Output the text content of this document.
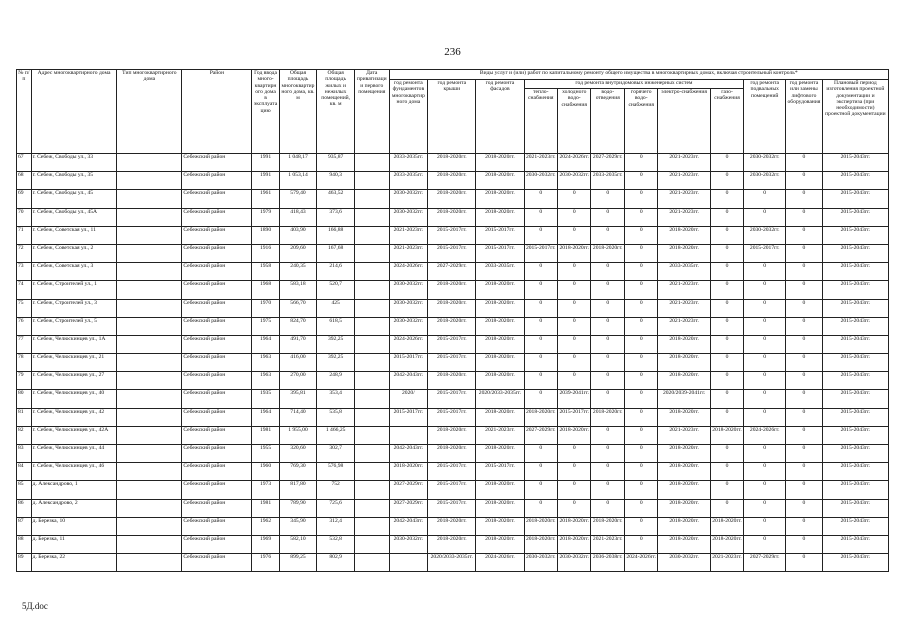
236
№ п/п	Адрес многоквартирного дома	Тип многоквартирного дома	Район	Год ввода много-квартирного дома в эксплуатацию	Общая площадь многоквартирного дома, кв. м	Общая площадь жилых и нежилых помещений, кв. м	Дата приватизации первого помещения	Виды услуг и (или) работ по капитальному ремонту общего имущества в многоквартирных домах, включая строительный контроль*											
								год ремонта фундаментов многоквартирного дома	год ремонта крыши	год ремонта фасадов	год ремонта внутридомовых инженерных систем						год ремонта подвальных помещений	год ремонта или замены лифтового оборудования	Плановый период изготовления проектной документации и экспертиза (при необходимости) проектной документации
											тепло-снабжения	холодного водо-снабжения	водо-отведения	горячего водо-снабжения	электро-снабжения	газо-снабжения			
67	г. Себеж, Свободы ул., 33		Себежский район	1991	1 048,17	935,87		2033-2035гг.	2018-2020гг.	2018-2020гг.	2021-2023гг.	2024-2026гг.	2027-2029гг.	0	2021-2023гг.	0	2030-2032гг.	0	2015-2043гг.
68	г. Себеж, Свободы ул., 35		Себежский район	1991	1 053,14	940,3		2033-2035гг.	2018-2020гг.	2018-2020гг.	2030-2032гг.	2030-2032гг.	2033-2035гг.	0	2021-2023гг.	0	2030-2032гг.	0	2015-2043гг.
69	г. Себеж, Свободы ул., 45		Себежский район	1961	579,40	463,52		2030-2032гг.	2018-2020гг.	2018-2020гг.	0	0	0	0	2021-2023гг.	0	0	0	2015-2043гг.
70	г. Себеж, Свободы ул., 45А		Себежский район	1979	418,43	373,6		2030-2032гг.	2018-2020гг.	2018-2020гг.	0	0	0	0	2021-2023гг.	0	0	0	2015-2043гг.
71	г. Себеж, Советская ул., 11		Себежский район	1890	403,90	166,88		2021-2023гг.	2015-2017гг.	2015-2017гг.	0	0	0	0	2018-2020гг.	0	2030-2032гг.	0	2015-2043гг.
72	г. Себеж, Советская ул., 2		Себежский район	1916	209,60	167,68		2021-2023гг.	2015-2017гг.	2015-2017гг.	2015-2017гг.	2018-2020гг.	2018-2020гг.	0	2018-2020гг.	0	2015-2017гг.	0	2015-2043гг.
73	г. Себеж, Советская ул., 3		Себежский район	1958	240,35	214,6		2024-2026гг.	2027-2029гг.	2033-2035гг.	0	0	0	0	2033-2035гг.	0	0	0	2015-2043гг.
74	г. Себеж, Строителей ул., 1		Себежский район	1968	583,18	520,7		2030-2032гг.	2018-2020гг.	2018-2020гг.	0	0	0	0	2021-2023гг.	0	0	0	2015-2043гг.
75	г. Себеж, Строителей ул., 3		Себежский район	1970	566,70	425		2030-2032гг.	2018-2020гг.	2018-2020гг.	0	0	0	0	2021-2023гг.	0	0	0	2015-2043гг.
76	г. Себеж, Строителей ул., 5		Себежский район	1975	824,70	618,5		2030-2032гг.	2018-2020гг.	2018-2020гг.	0	0	0	0	2021-2023гг.	0	0	0	2015-2043гг.
77	г. Себеж, Челюскинцев ул., 1А		Себежский район	1964	491,70	392,25		2024-2026гг.	2015-2017гг.	2018-2020гг.	0	0	0	0	2018-2020гг.	0	0	0	2015-2043гг.
78	г. Себеж, Челюскинцев ул., 21		Себежский район	1963	416,00	392,25		2015-2017гг.	2015-2017гг.	2018-2020гг.	0	0	0	0	2018-2020гг.	0	0	0	2015-2043гг.
79	г. Себеж, Челюскинцев ул., 27		Себежский район	1963	270,00	248,9		2042-2043гг.	2018-2020гг.	2018-2020гг.	0	0	0	0	2018-2020гг.	0	0	0	2015-2043гг.
80	г. Себеж, Челюскинцев ул., 40		Себежский район	1935	395,81	353,4		2020/	2015-2017гг.	2020/2033-2035гг.	0	2039-2041гг.	0	0	2020/2039-2041гг.	0	0	0	2015-2043гг.
81	г. Себеж, Челюскинцев ул., 42		Себежский район	1964	714,40	535,8		2015-2017гг.	2015-2017гг.	2018-2020гг.	2018-2020гг.	2015-2017гг.	2018-2020гг.	0	2018-2020гг.	0	0	0	2015-2043гг.
82	г. Себеж, Челюскинцев ул., 42А		Себежский район	1981	1 955,00	1 466,25			2018-2020гг.	2021-2023гг.	2027-2029гг.	2018-2020гг.	0	0	2021-2023гг.	2018-2020гг.	2024-2026гг.	0	2015-2043гг.
83	г. Себеж, Челюскинцев ул., 44		Себежский район	1955	320,60	302,7		2042-2043гг.	2018-2020гг.	2018-2020гг.	0	0	0	0	2018-2020гг.	0	0	0	2015-2043гг.
84	г. Себеж, Челюскинцев ул., 46		Себежский район	1960	769,30	576,98		2018-2020гг.	2015-2017гг.	2015-2017гг.	0	0	0	0	2018-2020гг.	0	0	0	2015-2043гг.
85	д. Александрово, 1		Себежский район	1973	817,80	752		2027-2029гг.	2015-2017гг.	2018-2020гг.	0	0	0	0	2018-2020гг.	0	0	0	2015-2043гг.
86	д. Александрово, 2		Себежский район	1981	789,90	725,6		2027-2029гг.	2015-2017гг.	2018-2020гг.	0	0	0	0	2018-2020гг.	0	0	0	2015-2043гг.
87	д. Березка, 10		Себежский район	1962	345,90	312,4		2042-2043гг.	2018-2020гг.	2018-2020гг.	2018-2020гг.	2018-2020гг.	2018-2020гг.	0	2018-2020гг.	2018-2020гг.	0	0	2015-2043гг.
88	д. Березка, 11		Себежский район	1969	582,10	532,8		2030-2032гг.	2018-2020гг.	2018-2020гг.	2018-2020гг.	2018-2020гг.	2021-2023гг.	0	2018-2020гг.	2018-2020гг.	0	0	2015-2043гг.
89	д. Березка, 22		Себежский район	1976	899,25	802,9			2020/2033-2035гг.	2024-2026гг.	2030-2032гг.	2030-2032гг.	2036-2038гг.	2024-2026гг.	2030-2032гг.	2021-2023гг.	2027-2029гг.	0	2015-2043гг.
5Д.doc
